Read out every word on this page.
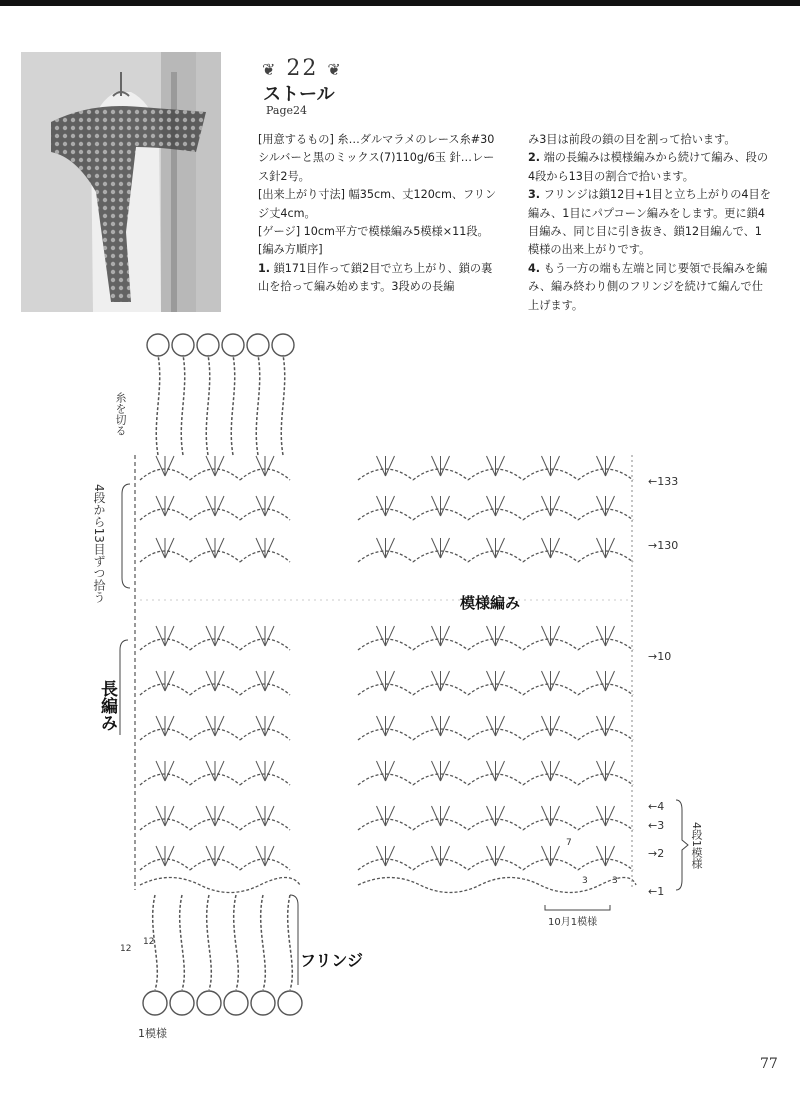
❦ 22 ❦
ストール
Page24

[用意するもの] 糸…ダルマラメのレース糸#30 シルバーと黒のミックス(7)110g/6玉 針…レース針2号。

[出来上がり寸法] 幅35cm、丈120cm、フリンジ丈4cm。

[ゲージ] 10cm平方で模様編み5模様×11段。

[編み方順序]

1. 鎖171目作って鎖2目で立ち上がり、鎖の裏山を拾って編み始めます。3段めの長編

み3目は前段の鎖の目を割って拾います。

2. 端の長編みは模様編みから続けて編み、段の4段から13目の割合で拾います。

3. フリンジは鎖12目+1目と立ち上がりの4目を編み、1目にパプコーン編みをします。更に鎖4目編み、同じ目に引き抜き、鎖12目編んで、1模様の出来上がりです。

4. もう一方の端も左端と同じ要領で長編みを編み、編み終わり側のフリンジを続けて編んで仕上げます。

糸を切る
4段から13目ずつ拾う
長編み
模様編み
フリンジ
10月1模様
4段1模様
1模様
←133
→130
→10
←4
←3
→2
←1
12
12
7
3	3
77
